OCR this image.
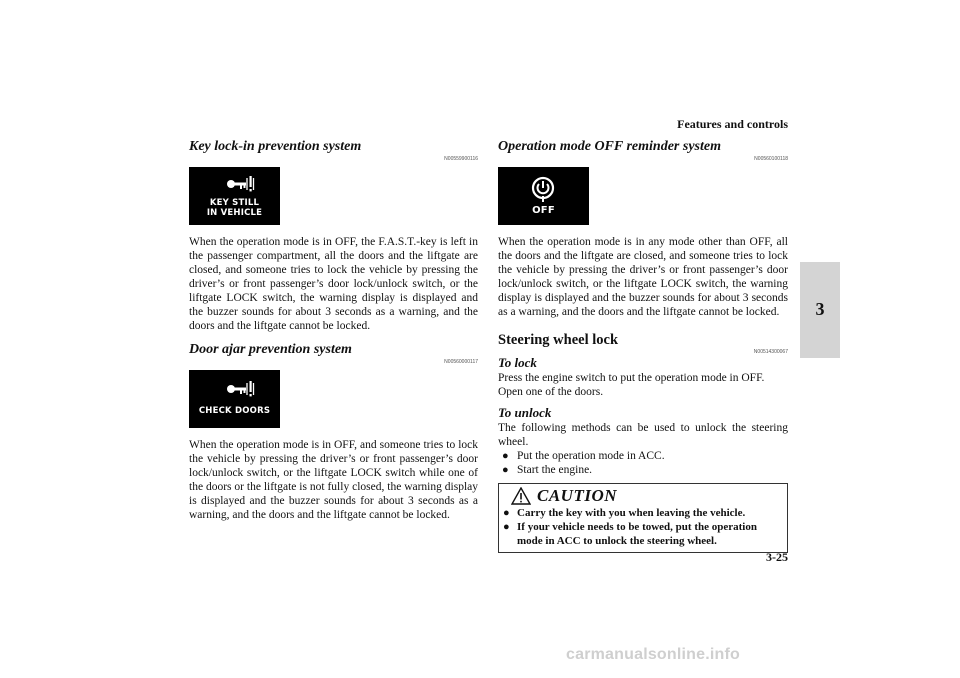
Features and controls
3
Key lock-in prevention system
N00559900116
KEY STILL
IN VEHICLE

When the operation mode is in OFF, the F.A.S.T.-key is left in the passenger compartment, all the doors and the liftgate are closed, and someone tries to lock the vehicle by pressing the driver’s or front passenger’s door lock/unlock switch, or the liftgate LOCK switch, the warning display is displayed and the buzzer sounds for about 3 seconds as a warning, and the doors and the liftgate cannot be locked.

Door ajar prevention system
N00560000117
CHECK DOORS

When the operation mode is in OFF, and someone tries to lock the vehicle by pressing the driver’s or front passenger’s door lock/unlock switch, or the liftgate LOCK switch while one of the doors or the liftgate is not fully closed, the warning display is displayed and the buzzer sounds for about 3 seconds as a warning, and the doors and the liftgate cannot be locked.

Operation mode OFF reminder system
N00560100118
OFF

When the operation mode is in any mode other than OFF, all the doors and the liftgate are closed, and someone tries to lock the vehicle by pressing the driver’s or front passenger’s door lock/unlock switch, or the liftgate LOCK switch, the warning display is displayed and the buzzer sounds for about 3 seconds as a warning, and the doors and the liftgate cannot be locked.

Steering wheel lock
N00514300067
To lock

Press the engine switch to put the operation mode in OFF.

Open one of the doors.

To unlock

The following methods can be used to unlock the steering wheel.

● Put the operation mode in ACC.
● Start the engine.
CAUTION
● Carry the key with you when leaving the vehicle.
● If your vehicle needs to be towed, put the operation mode in ACC to unlock the steering wheel.
3-25
carmanualsonline.info
